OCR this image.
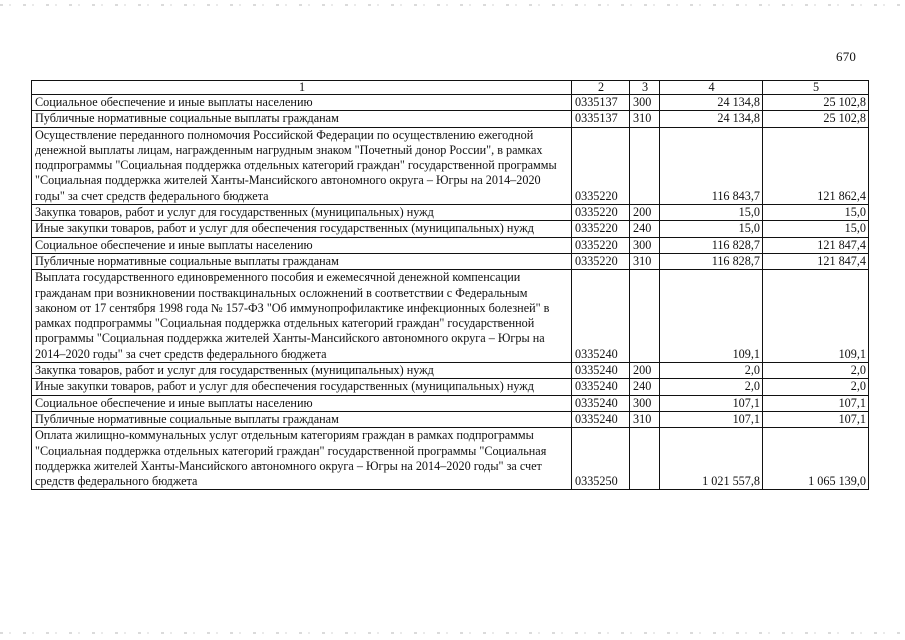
670
1	2	3	4	5
Социальное обеспечение и иные выплаты населению	0335137	300	24 134,8	25 102,8
Публичные нормативные социальные выплаты гражданам	0335137	310	24 134,8	25 102,8
Осуществление переданного полномочия Российской Федерации по осуществлению ежегодной денежной выплаты лицам, награжденным нагрудным знаком "Почетный донор России", в рамках подпрограммы "Социальная поддержка отдельных категорий граждан" государственной программы "Социальная поддержка жителей Ханты-Мансийского автономного округа – Югры на 2014–2020 годы" за счет средств федерального бюджета	0335220		116 843,7	121 862,4
Закупка товаров, работ и услуг для государственных (муниципальных) нужд	0335220	200	15,0	15,0
Иные закупки товаров, работ и услуг для обеспечения государственных (муниципальных) нужд	0335220	240	15,0	15,0
Социальное обеспечение и иные выплаты населению	0335220	300	116 828,7	121 847,4
Публичные нормативные социальные выплаты гражданам	0335220	310	116 828,7	121 847,4
Выплата государственного единовременного пособия и ежемесячной денежной компенсации гражданам при возникновении поствакцинальных осложнений в соответствии с Федеральным законом от 17 сентября 1998 года № 157-ФЗ "Об иммунопрофилактике инфекционных болезней" в рамках подпрограммы "Социальная поддержка отдельных категорий граждан" государственной программы "Социальная поддержка жителей Ханты-Мансийского автономного округа – Югры на 2014–2020 годы" за счет средств федерального бюджета	0335240		109,1	109,1
Закупка товаров, работ и услуг для государственных (муниципальных) нужд	0335240	200	2,0	2,0
Иные закупки товаров, работ и услуг для обеспечения государственных (муниципальных) нужд	0335240	240	2,0	2,0
Социальное обеспечение и иные выплаты населению	0335240	300	107,1	107,1
Публичные нормативные социальные выплаты гражданам	0335240	310	107,1	107,1
Оплата жилищно-коммунальных услуг отдельным категориям граждан в рамках подпрограммы "Социальная поддержка отдельных категорий граждан" государственной программы "Социальная поддержка жителей Ханты-Мансийского автономного округа – Югры на 2014–2020 годы" за счет средств федерального бюджета	0335250		1 021 557,8	1 065 139,0
